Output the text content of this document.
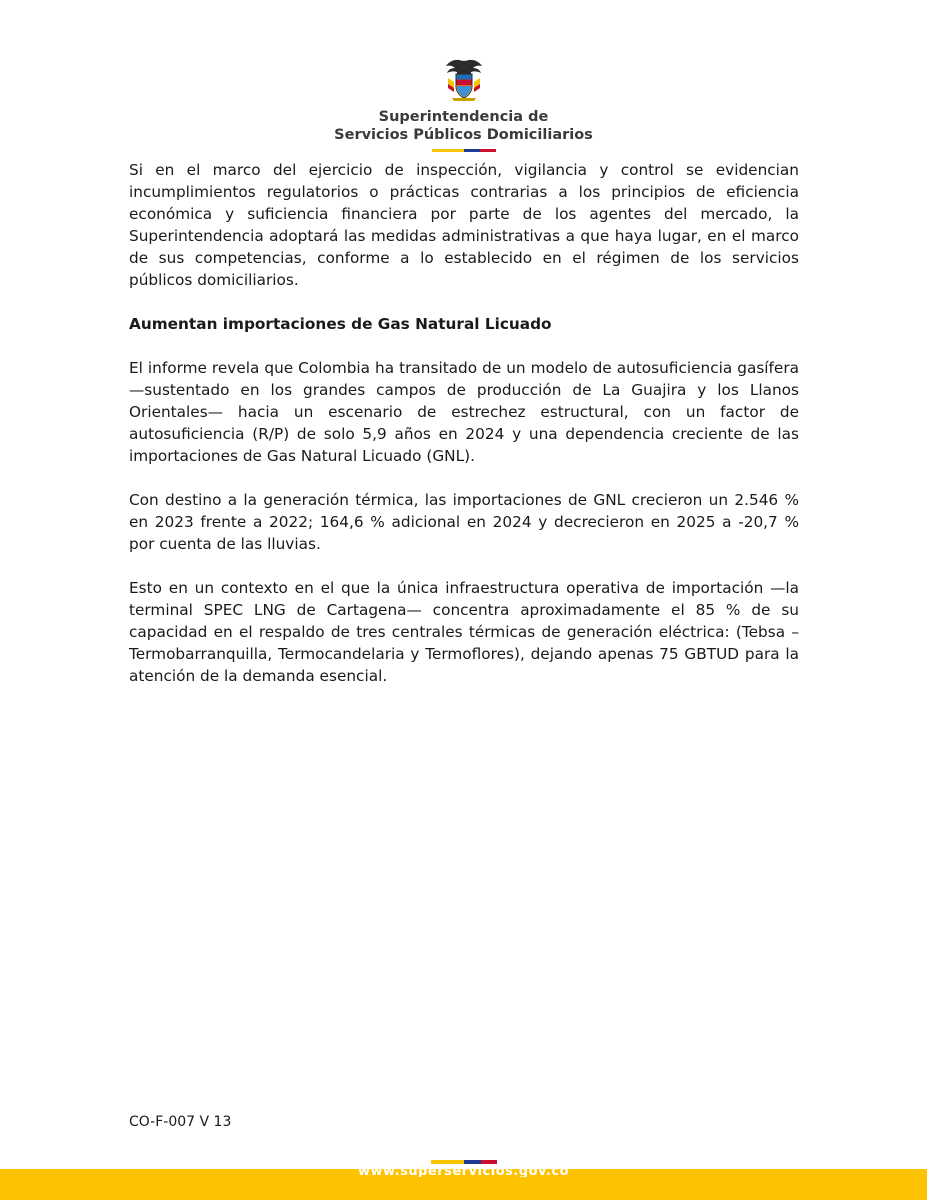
Superintendencia de
Servicios Públicos Domiciliarios

Si en el marco del ejercicio de inspección, vigilancia y control se evidencian incumplimientos regulatorios o prácticas contrarias a los principios de eficiencia económica y suficiencia financiera por parte de los agentes del mercado, la Superintendencia adoptará las medidas administrativas a que haya lugar, en el marco de sus competencias, conforme a lo establecido en el régimen de los servicios públicos domiciliarios.

Aumentan importaciones de Gas Natural Licuado

El informe revela que Colombia ha transitado de un modelo de autosuficiencia gasífera —sustentado en los grandes campos de producción de La Guajira y los Llanos Orientales— hacia un escenario de estrechez estructural, con un factor de autosuficiencia (R/P) de solo 5,9 años en 2024 y una dependencia creciente de las importaciones de Gas Natural Licuado (GNL).

Con destino a la generación térmica, las importaciones de GNL crecieron un 2.546 % en 2023 frente a 2022; 164,6 % adicional en 2024 y decrecieron en 2025 a -20,7 % por cuenta de las lluvias.

Esto en un contexto en el que la única infraestructura operativa de importación —la terminal SPEC LNG de Cartagena— concentra aproximadamente el 85 % de su capacidad en el respaldo de tres centrales térmicas de generación eléctrica: (Tebsa – Termobarranquilla, Termocandelaria y Termoflores), dejando apenas 75 GBTUD para la atención de la demanda esencial.

CO-F-007 V 13
www.superservicios.gov.co
